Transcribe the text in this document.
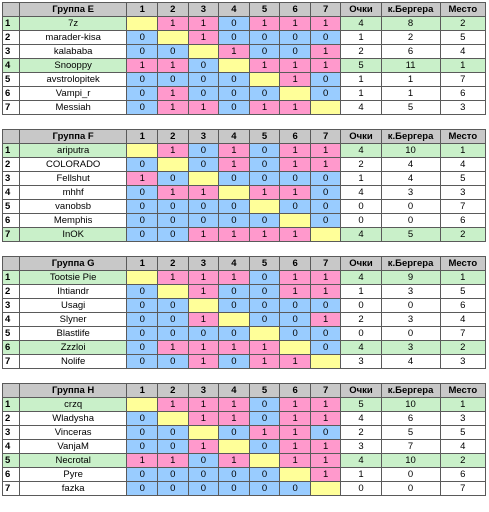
	Группа E	1	2	3	4	5	6	7	Очки	к.Бергера	Место
1	7z		1	1	0	1	1	1	4	8	2
2	marader-kisa	0		1	0	0	0	0	1	2	5
3	kalababa	0	0		1	0	0	1	2	6	4
4	Snooppy	1	1	0		1	1	1	5	11	1
5	avstrolopitek	0	0	0	0		1	0	1	1	7
6	Vampi_r	0	1	0	0	0		0	1	1	6
7	Messiah	0	1	1	0	1	1		4	5	3
	Группа F	1	2	3	4	5	6	7	Очки	к.Бергера	Место
1	ariputra		1	0	1	0	1	1	4	10	1
2	COLORADO	0		0	1	0	1	1	2	4	4
3	Fellshut	1	0		0	0	0	0	1	4	5
4	mhhf	0	1	1		1	1	0	4	3	3
5	vanobsb	0	0	0	0		0	0	0	0	7
6	Memphis	0	0	0	0	0		0	0	0	6
7	InOK	0	0	1	1	1	1		4	5	2
	Группа G	1	2	3	4	5	6	7	Очки	к.Бергера	Место
1	Tootsie Pie		1	1	1	0	1	1	4	9	1
2	Ihtiandr	0		1	0	0	1	1	1	3	5
3	Usagi	0	0		0	0	0	0	0	0	6
4	Slyner	0	0	1		0	0	1	2	3	4
5	Blastlife	0	0	0	0		0	0	0	0	7
6	Zzzloi	0	1	1	1	1		0	4	3	2
7	Nolife	0	0	1	0	1	1		3	4	3
	Группа H	1	2	3	4	5	6	7	Очки	к.Бергера	Место
1	crzq		1	1	1	0	1	1	5	10	1
2	Wladysha	0		1	1	0	1	1	4	6	3
3	Vinceras	0	0		0	1	1	0	2	5	5
4	VanjaM	0	0	1		0	1	1	3	7	4
5	Necrotal	1	1	0	1		1	1	4	10	2
6	Pyre	0	0	0	0	0		1	1	0	6
7	fazka	0	0	0	0	0	0		0	0	7
